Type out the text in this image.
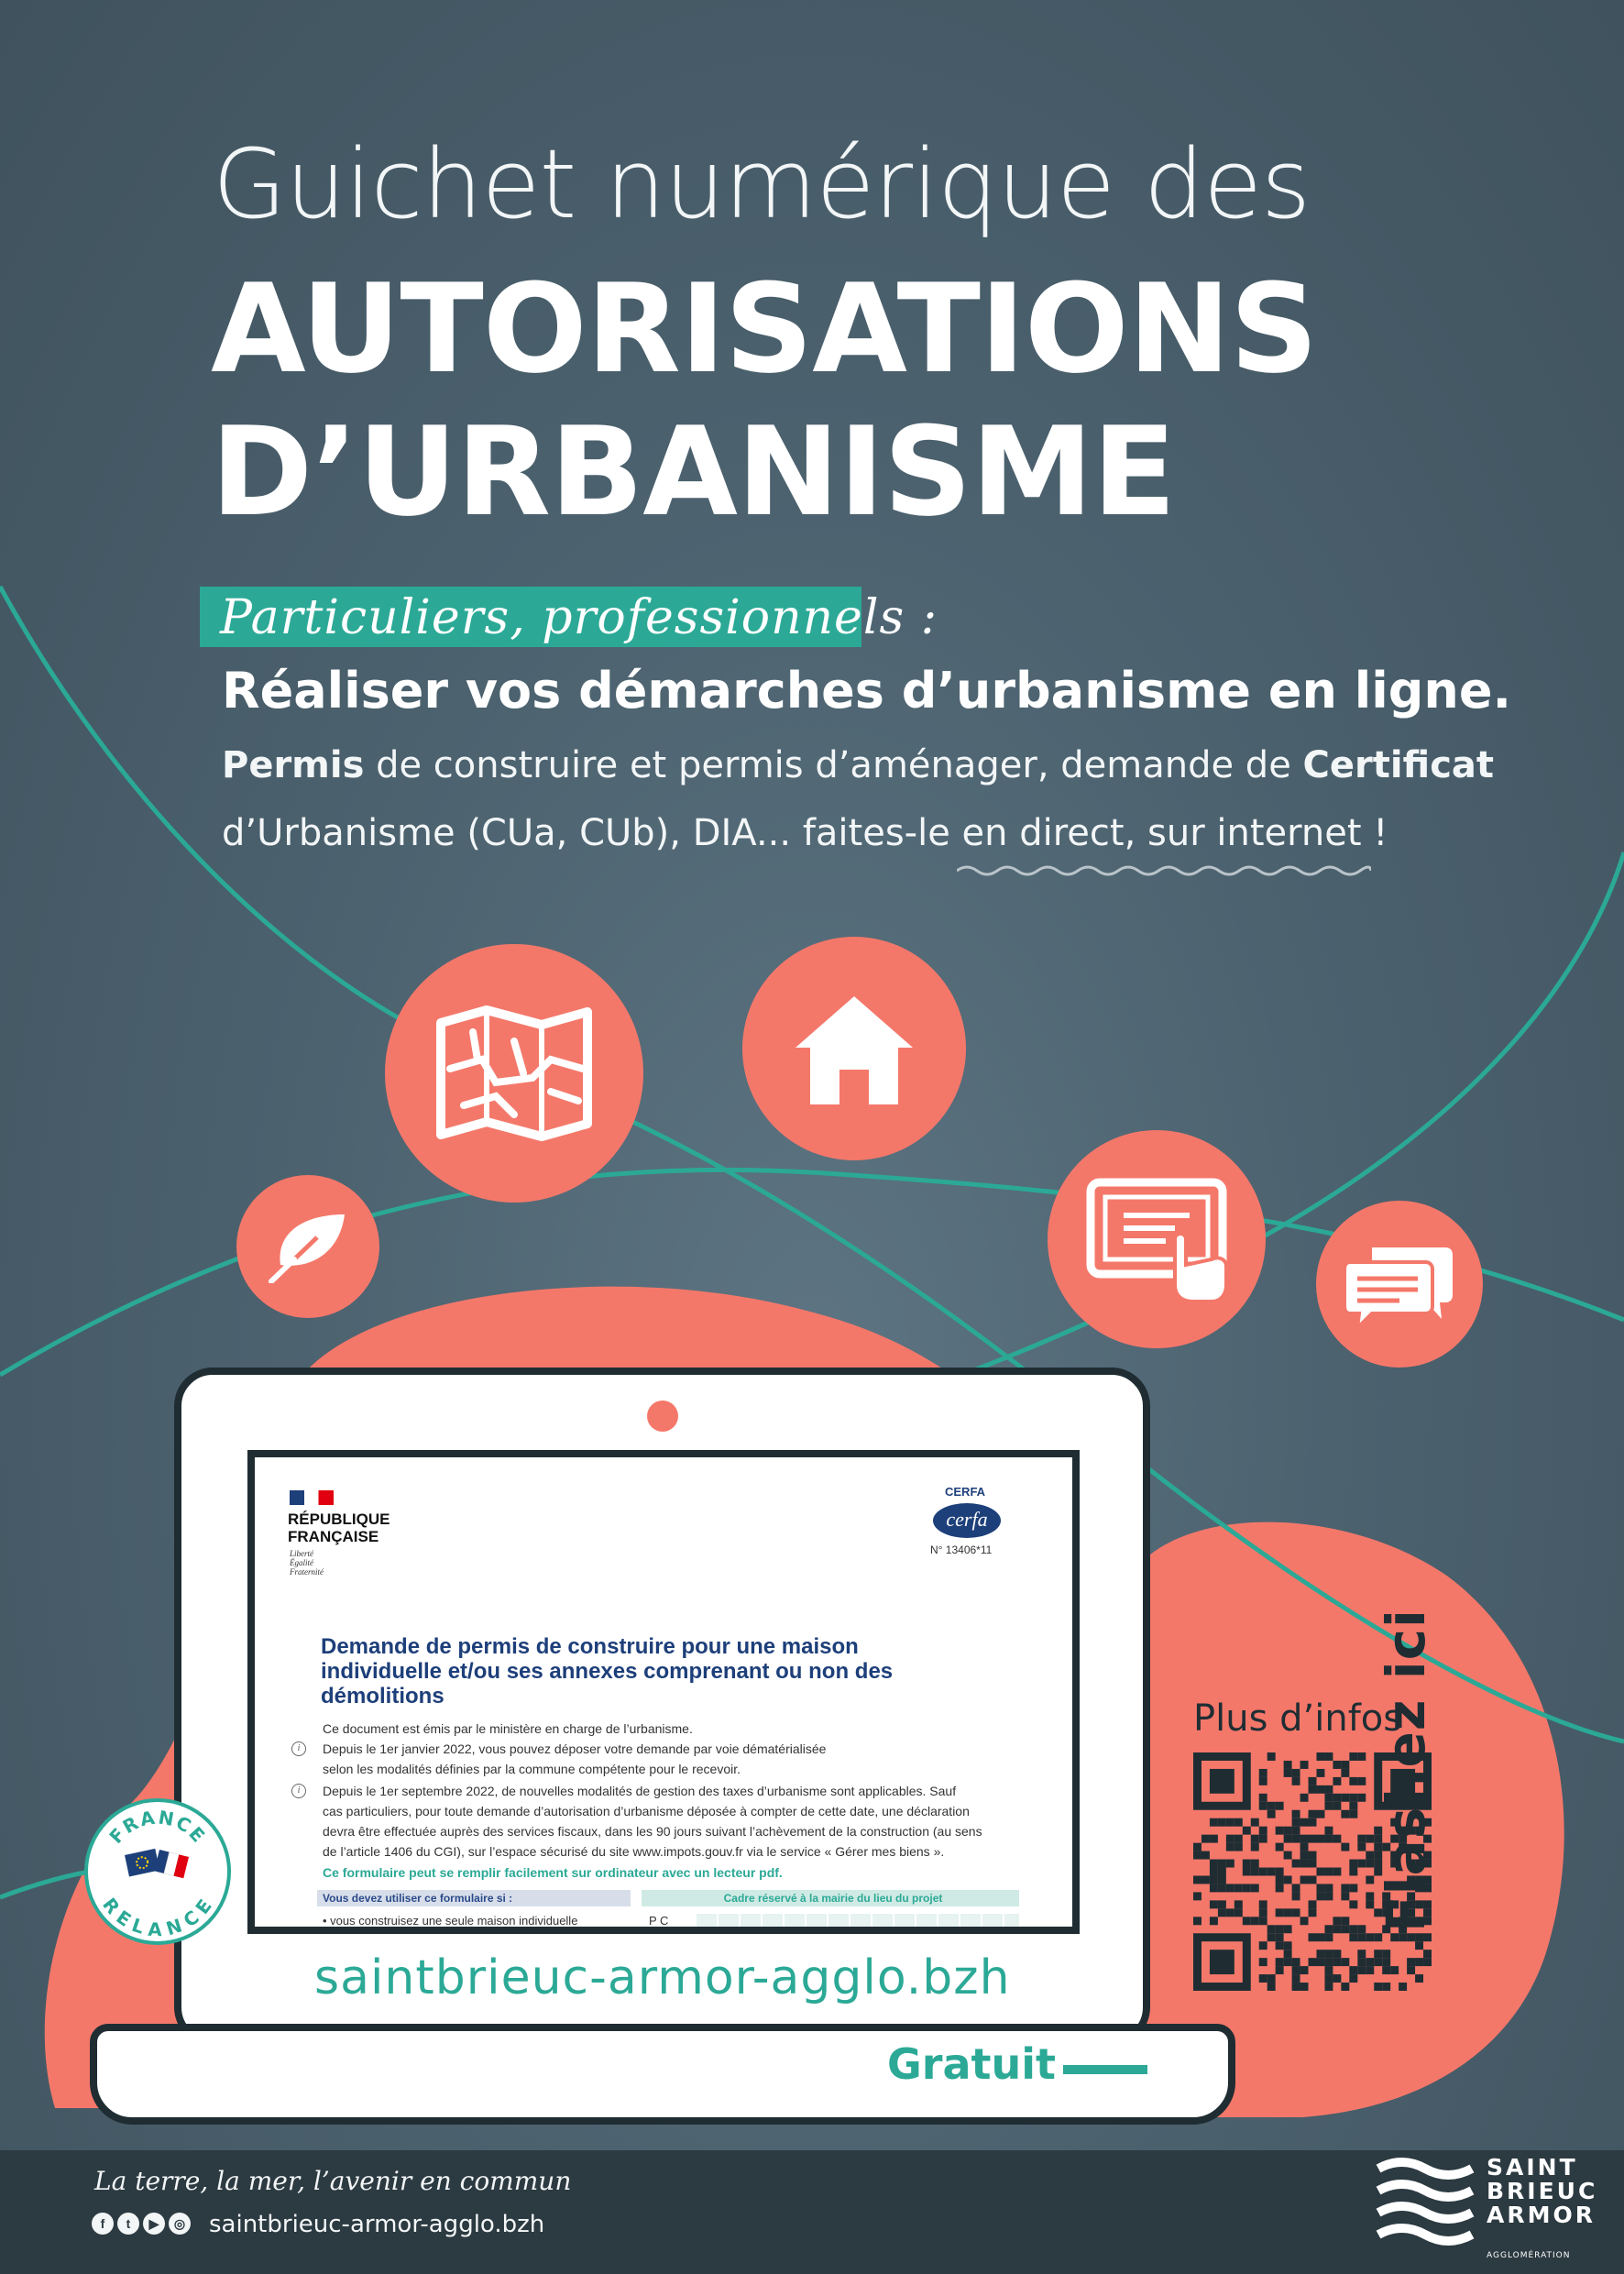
Guichet numérique des
AUTORISATIONS
D’URBANISME
Particuliers, professionnels :
Réaliser vos démarches d’urbanisme en ligne.
Permis de construire et permis d’aménager, demande de Certificat
d’Urbanisme (CUa, CUb), DIA... faites-le en direct, sur internet !
RÉPUBLIQUE
FRANÇAISE
Liberté
Égalité
Fraternité
CERFA
cerfa
N° 13406*11
Demande de permis de construire pour une maison individuelle et/ou ses annexes comprenant ou non des démolitions
Ce document est émis par le ministère en charge de l’urbanisme.
i	Depuis le 1er janvier 2022, vous pouvez déposer votre demande par voie dématérialisée
selon les modalités définies par la commune compétente pour le recevoir.
i	Depuis le 1er septembre 2022, de nouvelles modalités de gestion des taxes d’urbanisme sont applicables. Sauf
cas particuliers, pour toute demande d’autorisation d’urbanisme déposée à compter de cette date, une déclaration
devra être effectuée auprès des services fiscaux, dans les 90 jours suivant l’achèvement de la construction (au sens
de l’article 1406 du CGI), sur l’espace sécurisé du site www.impots.gouv.fr via le service « Gérer mes biens ».
Ce formulaire peut se remplir facilement sur ordinateur avec un lecteur pdf.
Vous devez utiliser ce formulaire si :	Cadre réservé à la mairie du lieu du projet
• vous construisez une seule maison individuelle	P C
saintbrieuc-armor-agglo.bzh
Gratuit
FRANCE
RELANCE
Plus d’infos
Flashez ici
La terre, la mer, l’avenir en commun
f	t	▶	◎ saintbrieuc-armor-agglo.bzh
SAINT
BRIEUC
ARMOR
AGGLOMÉRATION
